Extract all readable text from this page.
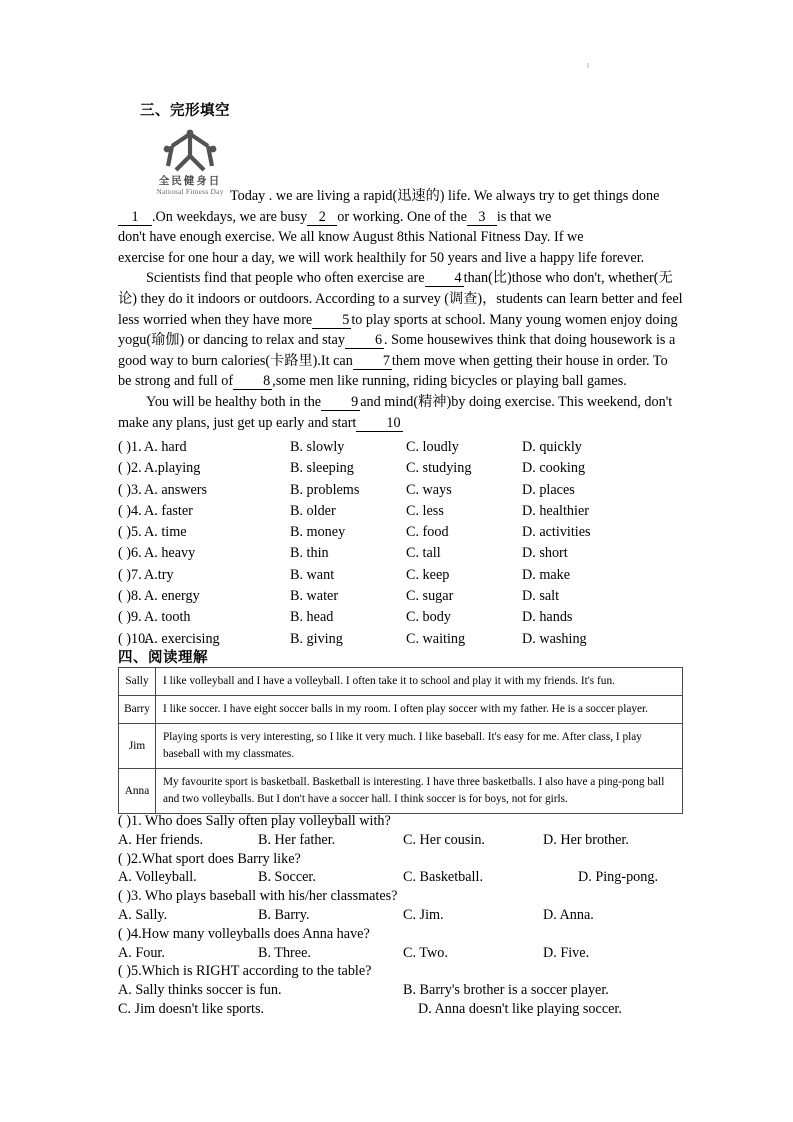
三、完形填空
全民健身日
National Fitness Day Today . we are living a rapid(迅速的) life. We always try to get things done
1 .On weekdays, we are busy 2 or working. One of the 3 is that we
don't have enough exercise. We all know August 8this National Fitness Day. If we
exercise for one hour a day, we will work healthily for 50 years and live a happy life forever.

Scientists find that people who often exercise are 4 than(比)those who don't, whether(无论) they do it indoors or outdoors. According to a survey (调查)，students can learn better and feel less worried when they have more 5 to play sports at school. Many young women enjoy doing yogu(瑜伽) or dancing to relax and stay 6 . Some housewives think that doing housework is a good way to burn calories(卡路里).It can 7 them move when getting their house in order. To be strong and full of 8 ,some men like running, riding bicycles or playing ball games.

You will be healthy both in the 9 and mind(精神)by doing exercise. This weekend, don't make any plans, just get up early and start 10

( )1. A. hard	B. slowly	C. loudly	D. quickly
( )2. A.playing	B. sleeping	C. studying	D. cooking
( )3. A. answers	B. problems	C. ways	D. places
( )4. A. faster	B. older	C. less	D. healthier
( )5. A. time	B. money	C. food	D. activities
( )6. A. heavy	B. thin	C. tall	D. short
( )7. A.try	B. want	C. keep	D. make
( )8. A. energy	B. water	C. sugar	D. salt
( )9. A. tooth	B. head	C. body	D. hands
( )10.
A. exercising	B. giving	C. waiting	D. washing
四、阅读理解
Sally	I like volleyball and I have a volleyball. I often take it to school and play it with my friends. It's fun.
Barry	I like soccer. I have eight soccer balls in my room. I often play soccer with my father. He is a soccer player.
Jim	Playing sports is very interesting, so I like it very much. I like baseball. It's easy for me. After class, I play baseball with my classmates.
Anna	My favourite sport is basketball. Basketball is interesting. I have three basketballs. I also have a ping-pong ball and two volleyballs. But I don't have a soccer hall. I think soccer is for boys, not for girls.
( )1. Who does Sally often play volleyball with?
A. Her friends.	B. Her father.	C. Her cousin.	D. Her brother.
( )2.What sport does Barry like?
A. Volleyball.	B. Soccer.	C. Basketball.	D. Ping-pong.
( )3. Who plays baseball with his/her classmates?
A. Sally.	B. Barry.	C. Jim.	D. Anna.
( )4.How many volleyballs does Anna have?
A. Four.	B. Three.	C. Two.	D. Five.
( )5.Which is RIGHT according to the table?
A. Sally thinks soccer is fun.	B. Barry's brother is a soccer player.
C. Jim doesn't like sports.	D. Anna doesn't like playing soccer.
